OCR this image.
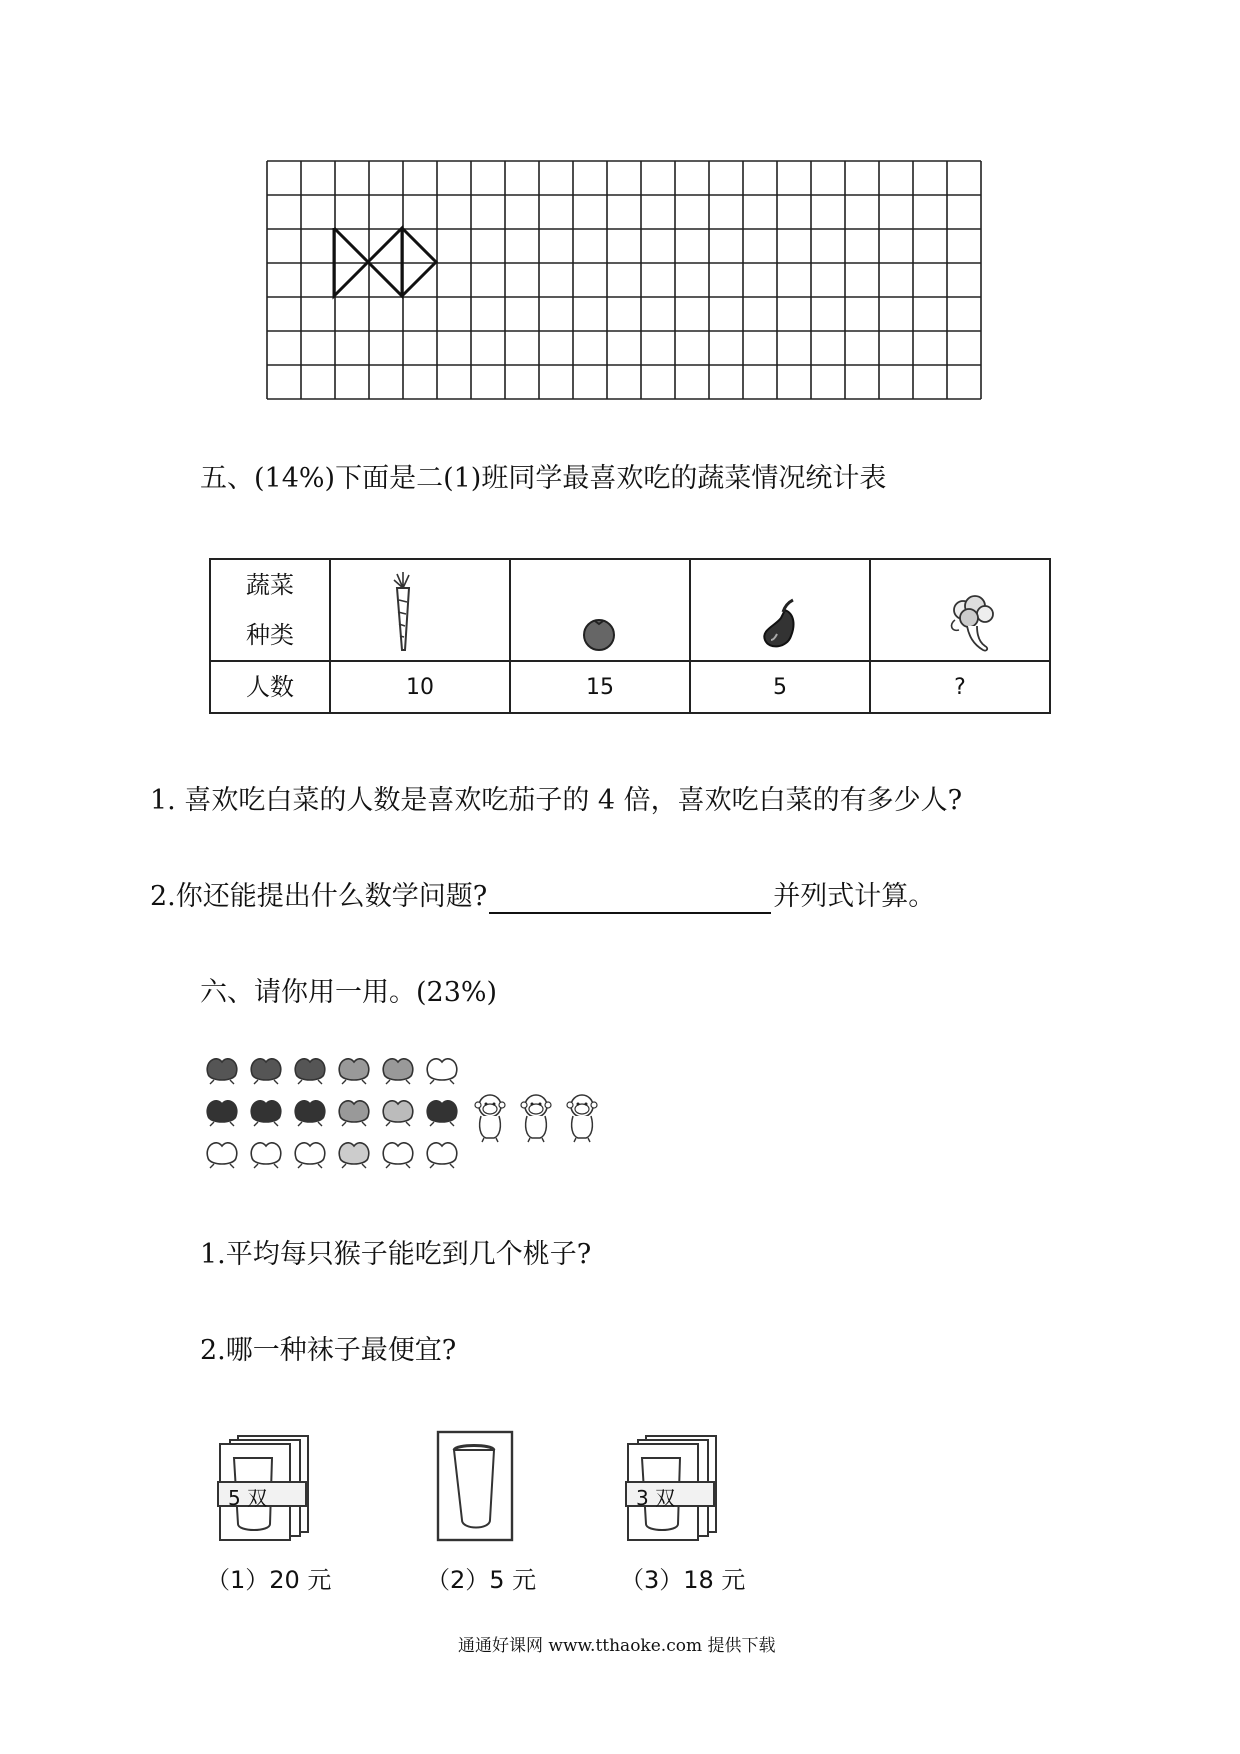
五、(14%)下面是二(1)班同学最喜欢吃的蔬菜情况统计表
蔬菜
种类

人数	10	15	5	?
1. 喜欢吃白菜的人数是喜欢吃茄子的 4 倍，喜欢吃白菜的有多少人?
2.你还能提出什么数学问题?	并列式计算。
六、请你用一用。(23%)
1.平均每只猴子能吃到几个桃子?
2.哪一种袜子最便宜?
5 双	3 双
（1）20 元	（2）5 元	（3）18 元
通通好课网 www.tthaoke.com 提供下载
